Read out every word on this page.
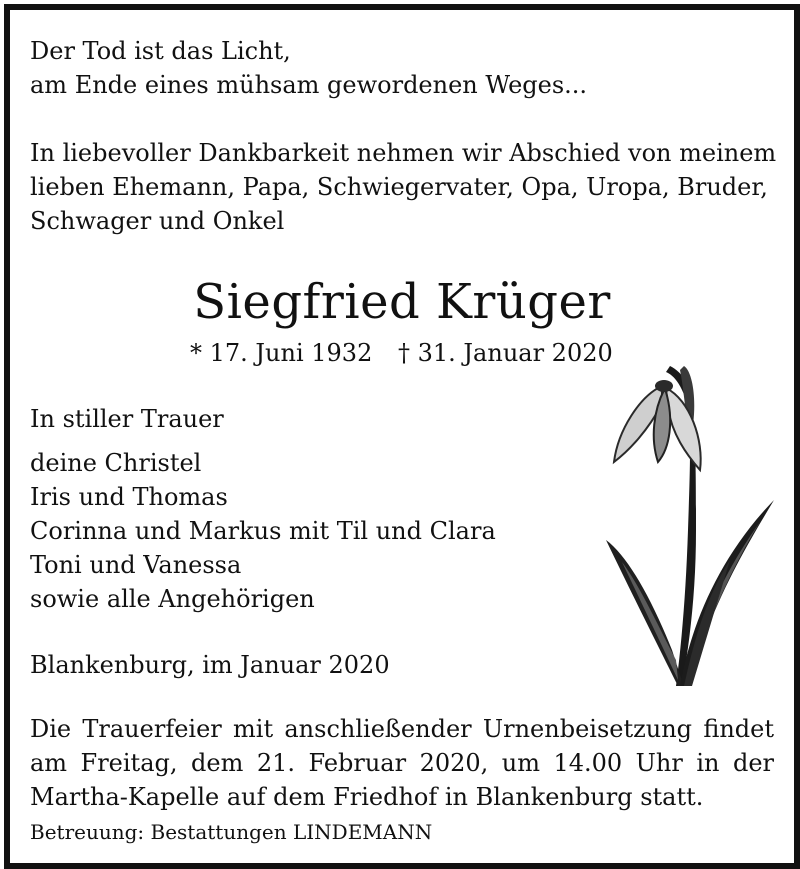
Der Tod ist das Licht,
am Ende eines mühsam gewordenen Weges...
In liebevoller Dankbarkeit nehmen wir Abschied von meinem
lieben Ehemann, Papa, Schwiegervater, Opa, Uropa, Bruder,
Schwager und Onkel
Siegfried Krüger
* 17. Juni 1932 † 31. Januar 2020
In stiller Trauer
deine Christel
Iris und Thomas
Corinna und Markus mit Til und Clara
Toni und Vanessa
sowie alle Angehörigen
Blankenburg, im Januar 2020
Die Trauerfeier mit anschließender Urnenbeisetzung findet
am Freitag, dem 21. Februar 2020, um 14.00 Uhr in der
Martha-Kapelle auf dem Friedhof in Blankenburg statt.
Betreuung: Bestattungen LINDEMANN
